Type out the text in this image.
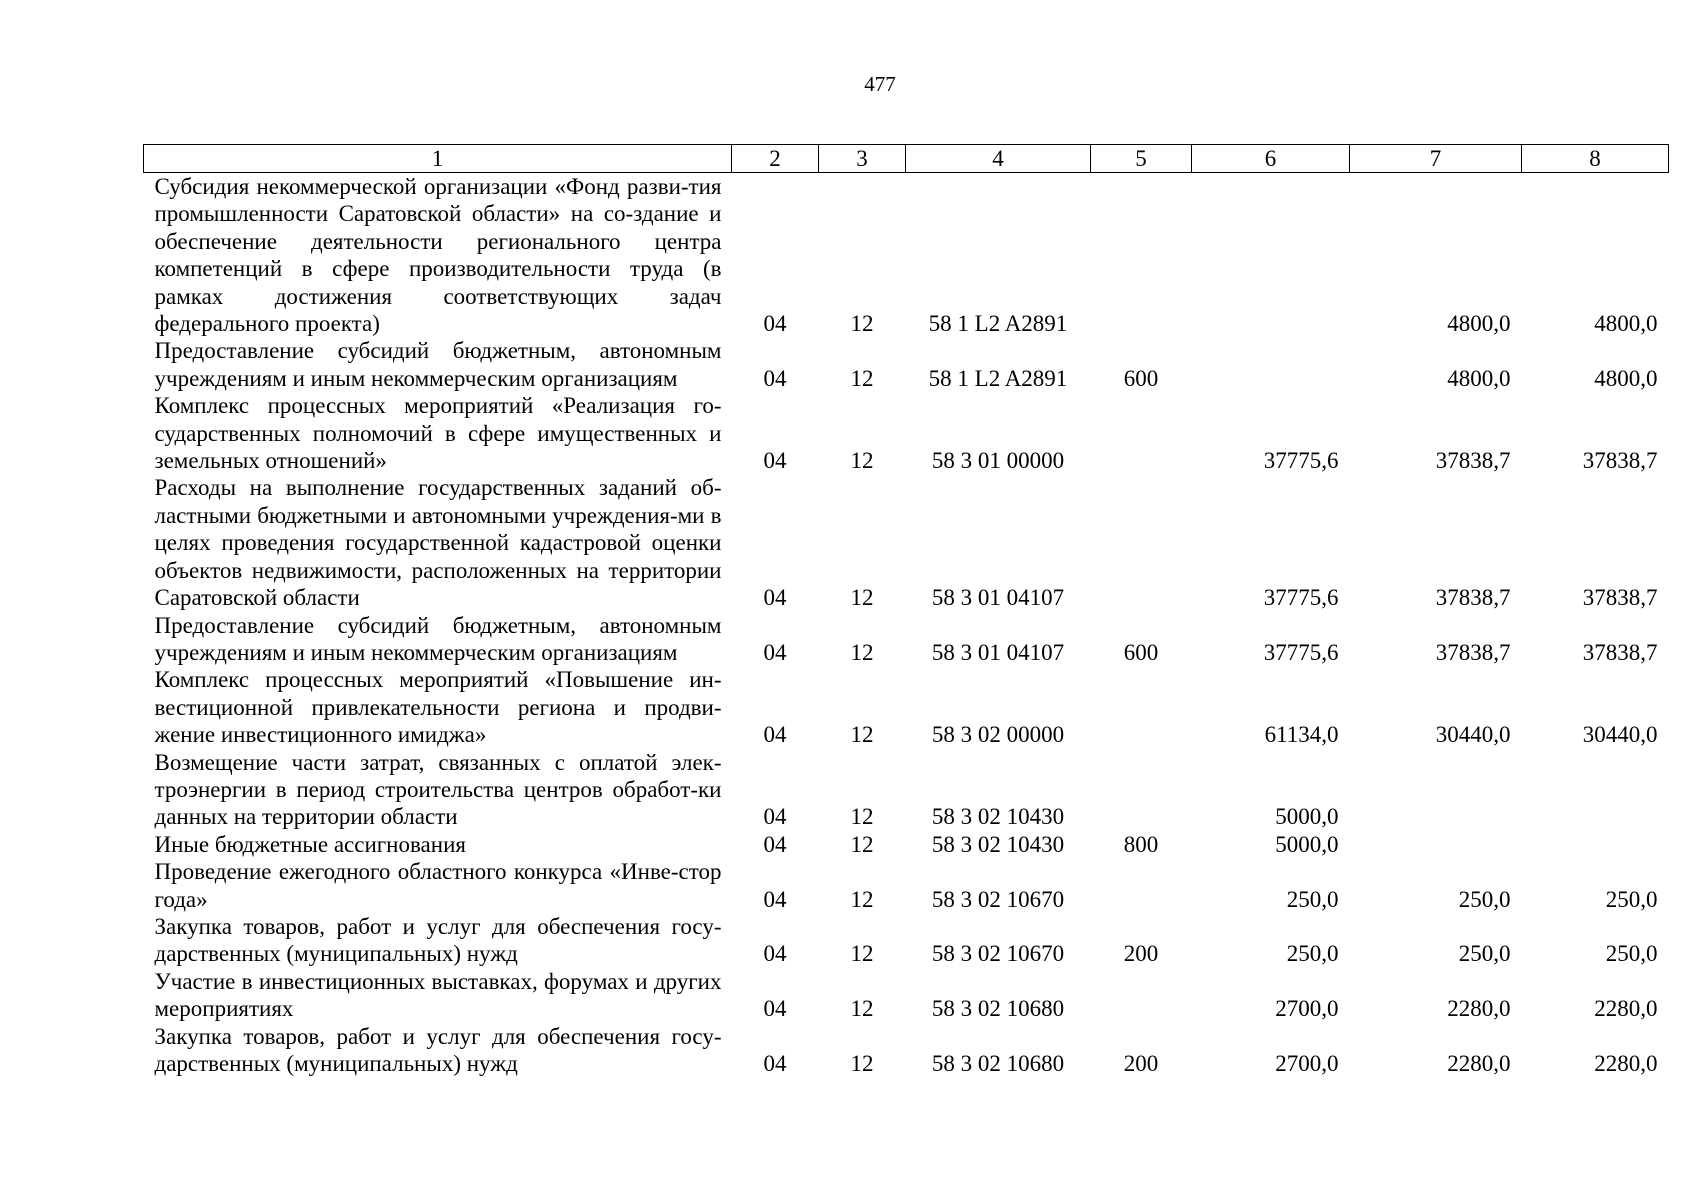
477
1	2	3	4	5	6	7	8
Субсидия некоммерческой организации «Фонд разви-тия промышленности Саратовской области» на со-здание и обеспечение деятельности регионального центра компетенций в сфере производительности труда (в рамках достижения соответствующих задач федерального проекта)	04	12	58 1 L2 A2891			4800,0	4800,0
Предоставление субсидий бюджетным, автономным учреждениям и иным некоммерческим организациям	04	12	58 1 L2 A2891	600		4800,0	4800,0
Комплекс процессных мероприятий «Реализация го-сударственных полномочий в сфере имущественных и земельных отношений»	04	12	58 3 01 00000		37775,6	37838,7	37838,7
Расходы на выполнение государственных заданий об-ластными бюджетными и автономными учреждения-ми в целях проведения государственной кадастровой оценки объектов недвижимости, расположенных на территории Саратовской области	04	12	58 3 01 04107		37775,6	37838,7	37838,7
Предоставление субсидий бюджетным, автономным учреждениям и иным некоммерческим организациям	04	12	58 3 01 04107	600	37775,6	37838,7	37838,7
Комплекс процессных мероприятий «Повышение ин-вестиционной привлекательности региона и продви-жение инвестиционного имиджа»	04	12	58 3 02 00000		61134,0	30440,0	30440,0
Возмещение части затрат, связанных с оплатой элек-троэнергии в период строительства центров обработ-ки данных на территории области	04	12	58 3 02 10430		5000,0		
Иные бюджетные ассигнования	04	12	58 3 02 10430	800	5000,0		
Проведение ежегодного областного конкурса «Инве-стор года»	04	12	58 3 02 10670		250,0	250,0	250,0
Закупка товаров, работ и услуг для обеспечения госу-дарственных (муниципальных) нужд	04	12	58 3 02 10670	200	250,0	250,0	250,0
Участие в инвестиционных выставках, форумах и других мероприятиях	04	12	58 3 02 10680		2700,0	2280,0	2280,0
Закупка товаров, работ и услуг для обеспечения госу-дарственных (муниципальных) нужд	04	12	58 3 02 10680	200	2700,0	2280,0	2280,0
